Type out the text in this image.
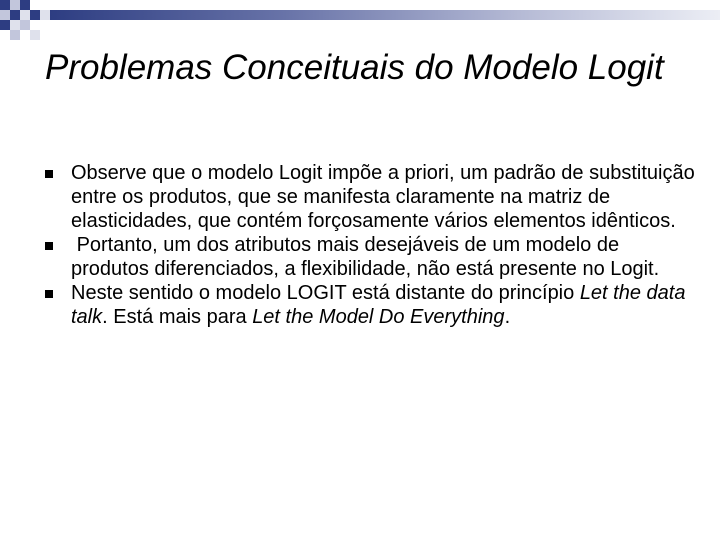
Problemas Conceituais do Modelo Logit
Observe que o modelo Logit impõe a priori, um padrão de substituição entre os produtos, que se manifesta claramente na matriz de elasticidades, que contém forçosamente vários elementos idênticos.
Portanto, um dos atributos mais desejáveis de um modelo de produtos diferenciados, a flexibilidade, não está presente no Logit.
Neste sentido o modelo LOGIT está distante do princípio Let the data talk. Está mais para Let the Model Do Everything.
